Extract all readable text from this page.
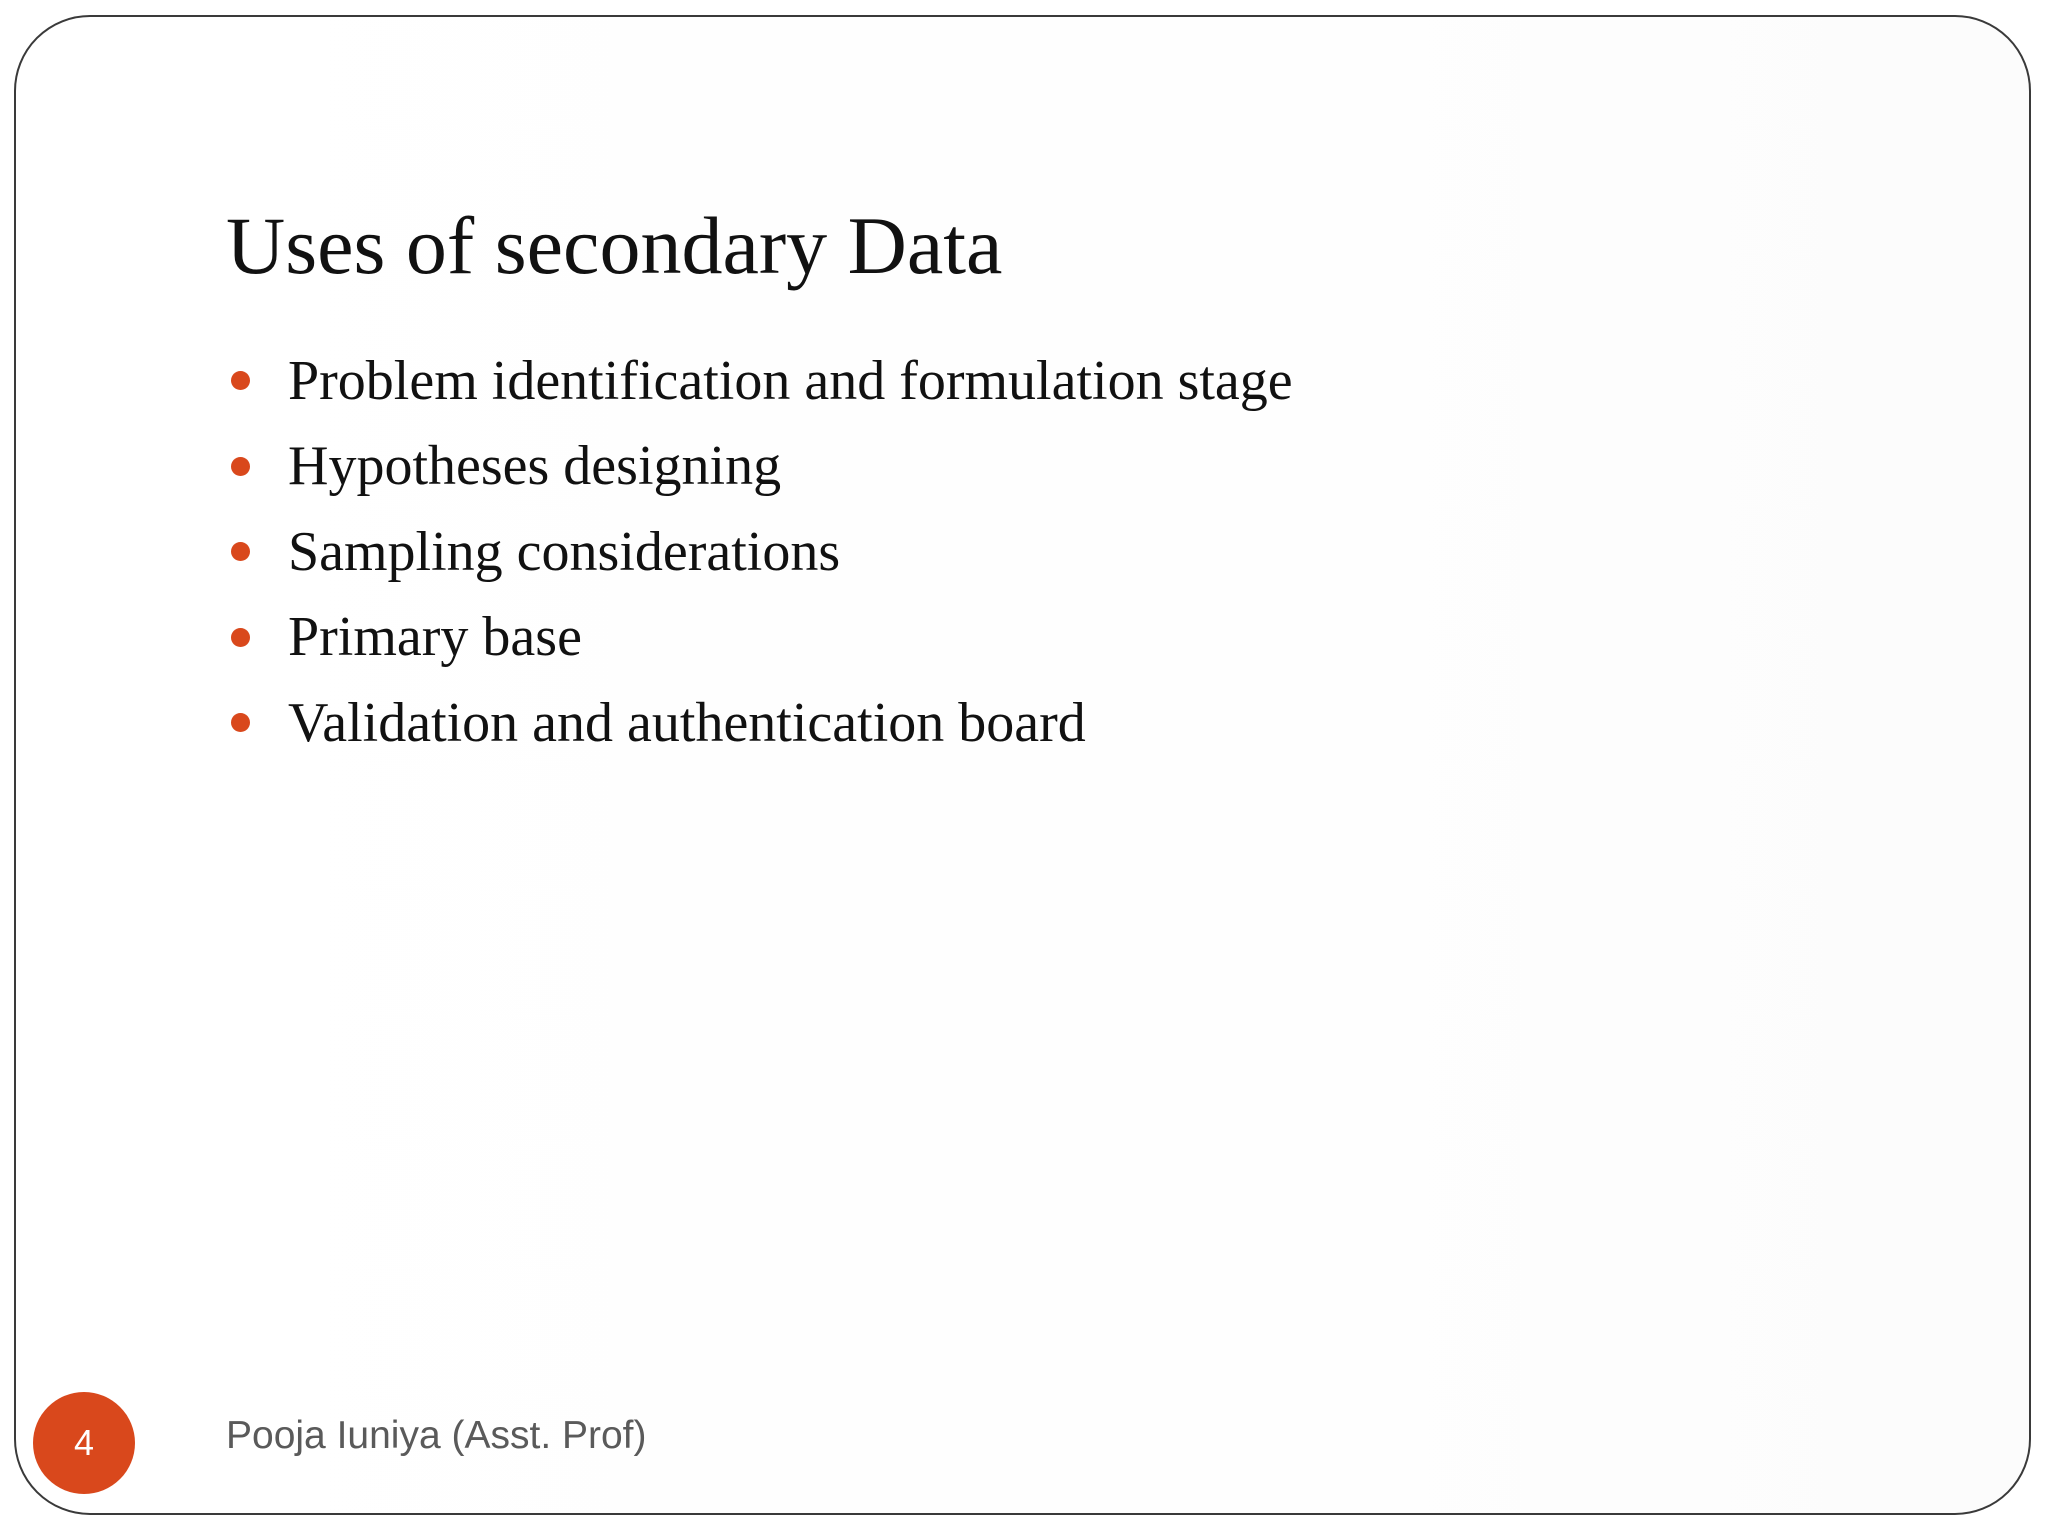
Uses of secondary Data
Problem identification and formulation stage
Hypotheses designing
Sampling considerations
Primary base
Validation and authentication board
4	Pooja Iuniya (Asst. Prof)
